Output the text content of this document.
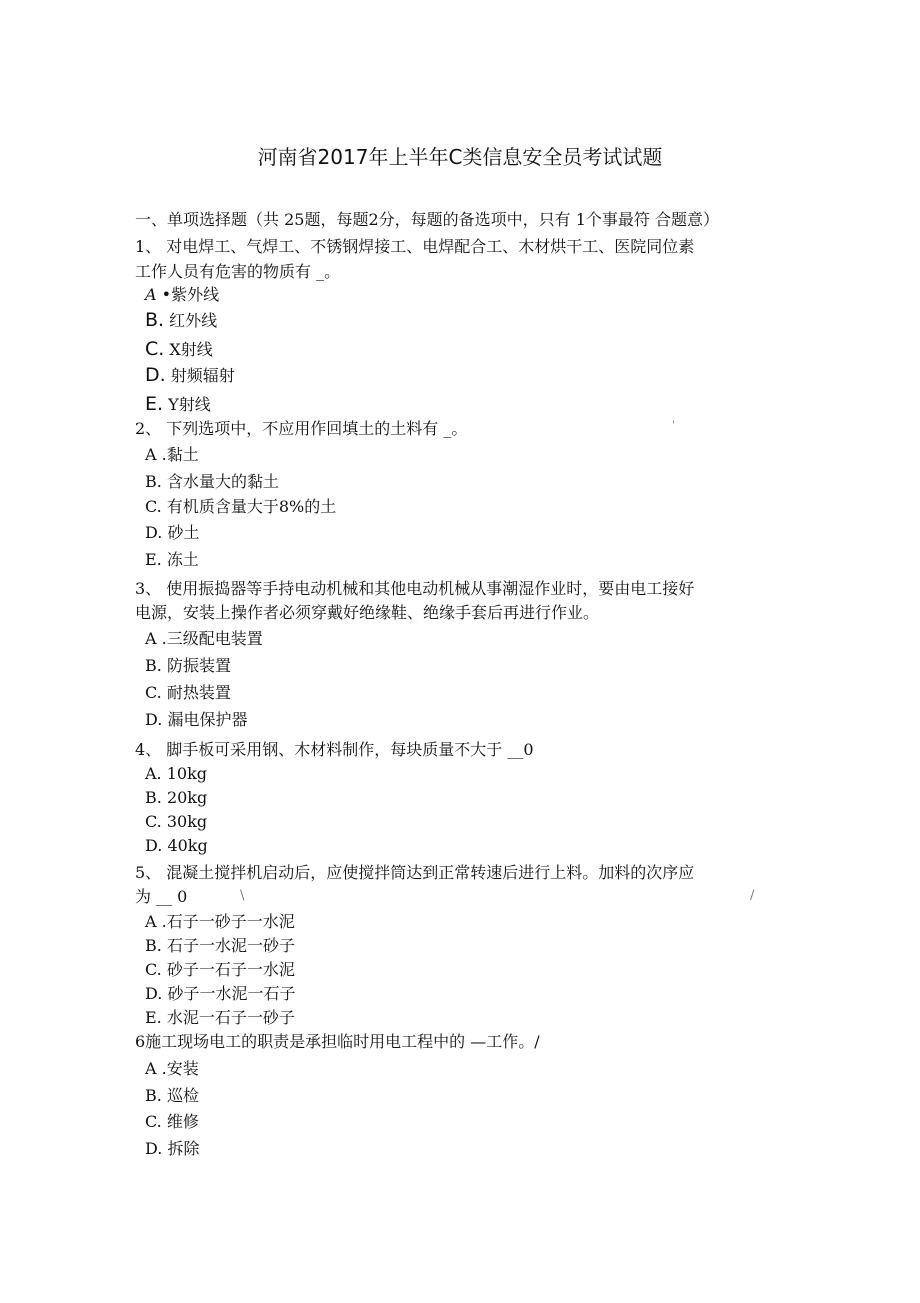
河南省2017年上半年C类信息安全员考试试题
一、单项选择题（共 25题，每题2分，每题的备选项中，只有 1个事最符 合题意）
1、 对电焊工、气焊工、不锈钢焊接工、电焊配合工、木材烘干工、医院同位素
工作人员有危害的物质有 _。
A •紫外线
B. 红外线
C. X射线
D. 射频辐射
E. Y射线
2、 下列选项中，不应用作回填土的土料有 _。
A .黏土
B. 含水量大的黏土
C. 有机质含量大于8%的土
D. 砂土
E. 冻土
3、 使用振捣器等手持电动机械和其他电动机械从事潮湿作业时，要由电工接好
电源，安装上操作者必须穿戴好绝缘鞋、绝缘手套后再进行作业。
A .三级配电装置
B. 防振装置
C. 耐热装置
D. 漏电保护器
4、 脚手板可采用钢、木材料制作，每块质量不大于 __0
A. 10kg
B. 20kg
C. 30kg
D. 40kg
5、 混凝土搅拌机启动后，应使搅拌筒达到正常转速后进行上料。加料的次序应
为 __ 0
A .石子一砂子一水泥
B. 石子一水泥一砂子
C. 砂子一石子一水泥
D. 砂子一水泥一石子
E. 水泥一石子一砂子
6施工现场电工的职责是承担临时用电工程中的 —工作。/
A .安装
B. 巡检
C. 维修
D. 拆除
'
\	/
